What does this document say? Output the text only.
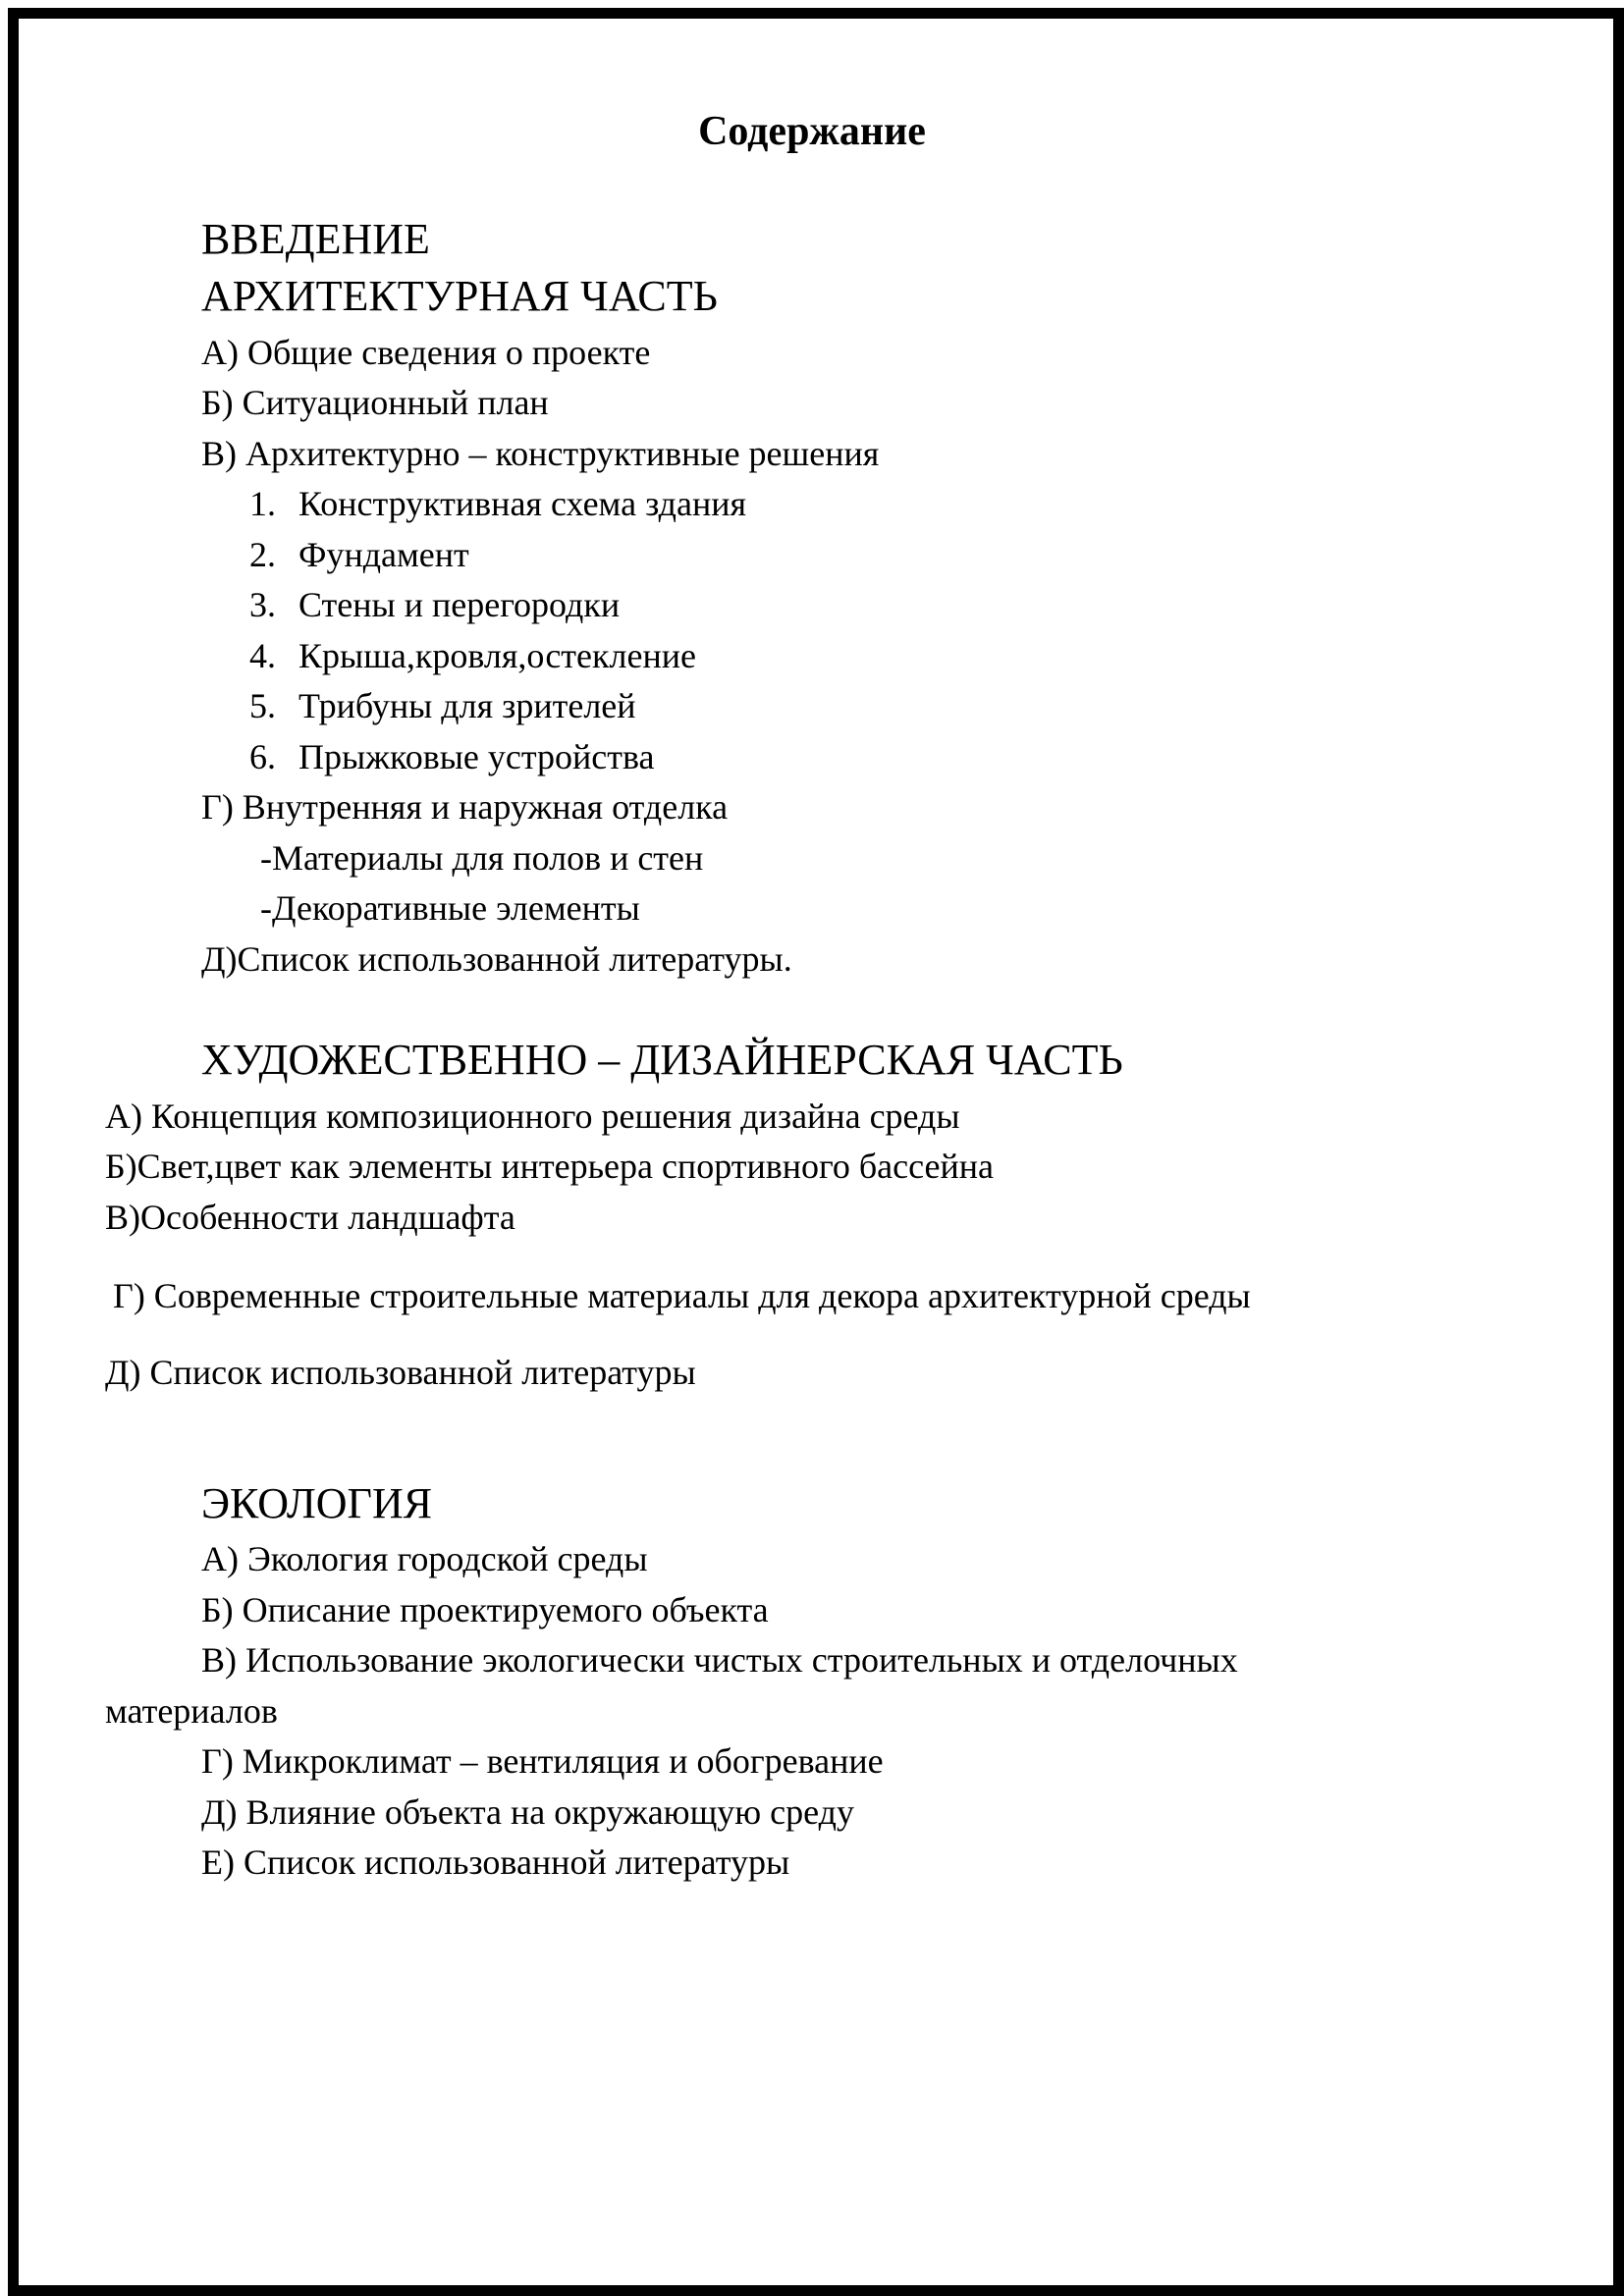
Содержание
ВВЕДЕНИЕ
АРХИТЕКТУРНАЯ ЧАСТЬ
А) Общие сведения о проекте
Б) Ситуационный план
В) Архитектурно – конструктивные решения
1. Конструктивная схема здания
2. Фундамент
3. Стены и перегородки
4. Крыша,кровля,остекление
5. Трибуны для зрителей
6. Прыжковые устройства
Г) Внутренняя и наружная отделка
-Материалы для полов и стен
-Декоративные элементы
Д)Список использованной литературы.
ХУДОЖЕСТВЕННО – ДИЗАЙНЕРСКАЯ ЧАСТЬ
А) Концепция композиционного решения дизайна среды
Б)Свет,цвет как элементы интерьера спортивного бассейна
В)Особенности ландшафта
Г) Современные строительные материалы для декора архитектурной среды
Д) Список использованной литературы
ЭКОЛОГИЯ
А) Экология городской среды
Б) Описание проектируемого объекта
В) Использование экологически чистых строительных и отделочных
материалов
Г) Микроклимат – вентиляция и обогревание
Д) Влияние объекта на окружающую среду
Е) Список использованной литературы
